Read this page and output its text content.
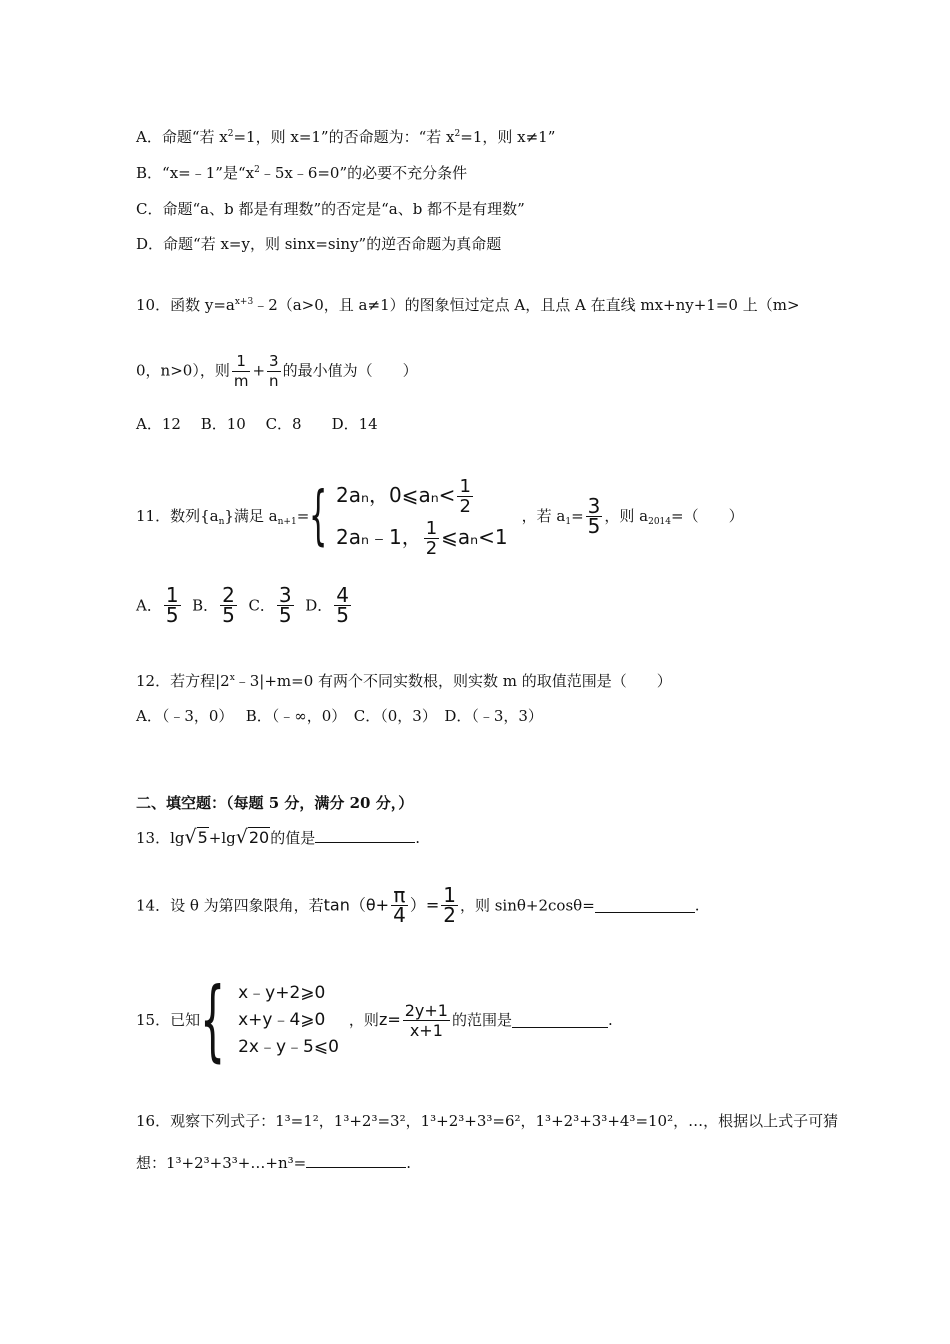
A．命题“若 $x^2=1$，则 x=1”的否命题为：“若 $x^2=1$，则 x≠1”
B．“x=﹣1”是“$x^2﹣5x﹣6=0$”的必要不充分条件
C．命题“a、b 都是有理数”的否定是“a、b 都不是有理数”
D．命题“若 x=y，则 sinx=siny”的逆否命题为真命题
10．函数 $y=a^{x+3}﹣2(a>0$，且 a≠1）的图象恒过定点 A，且点 A 在直线 mx+ny+1=0 上（m>
0，n>0），则 $\frac{1}{m} + \frac{3}{n}$ 的最小值为（　　）
A．12　 B．10　 C．8　　D．14
11．数列$\{a_n\}$满足 $a_{n+1}=${ 2aₙ，0⩽aₙ< $\frac{1}{2}$
2aₙ﹣1， $\frac{1}{2}$ ⩽aₙ<1
，若 $a_1= \frac{3}{5}$ ，则 $a_{2014}=$（　　）
A． $\frac{1}{5}$ B． $\frac{2}{5}$ C． $\frac{3}{5}$ D． $\frac{4}{5}$
12．若方程$|2^x﹣3|+m=0$ 有两个不同实数根，则实数 m 的取值范围是（　　）
A．（﹣3，0）　 B．（﹣∞，0）　C．（0，3）　D．（﹣3，3）
二、填空题：（每题 5 分，满分 20 分，）
13．lg√5+lg√20的值是	.
14．设 θ 为第四象限角，若$\tan(\theta+ \frac{\pi}{4}$ ）= $\frac{1}{2}$ ，则 sinθ+2cosθ=	.
15．已知{ x﹣y+2⩾0
x+y﹣4⩾0
2x﹣y﹣5⩽0
，则$z= \frac{2y+1}{x+1}$ 的范围是	.
16．观察下列式子：1³=1²，1³+2³=3²，1³+2³+3³=6²，1³+2³+3³+4³=10²，…，根据以上式子可猜
想：1³+2³+3³+…+n³=	.
